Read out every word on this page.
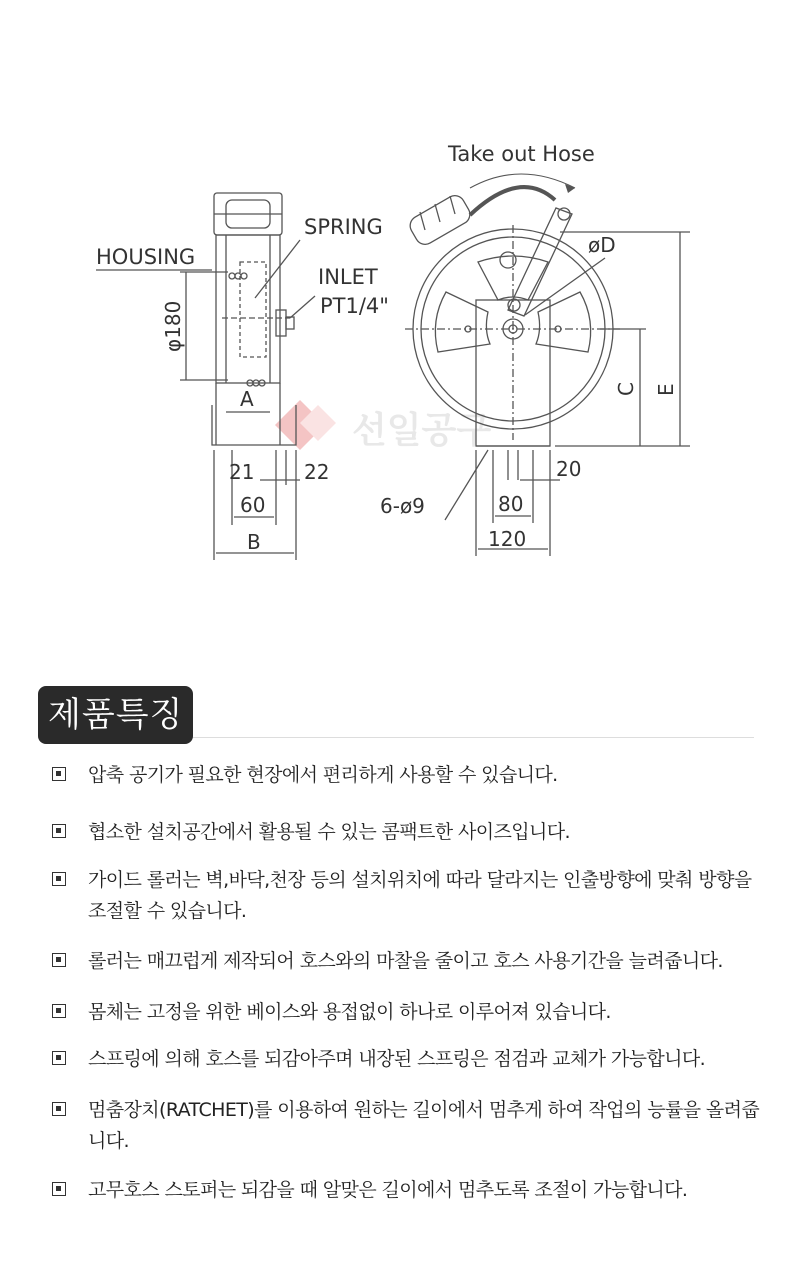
선일공구
Take out Hose
SPRING
HOUSING
INLET
PT1/4"
φ180
A
21 22
60
B
øD
C E
6-ø9
20
80
120
제품특징
압축 공기가 필요한 현장에서 편리하게 사용할 수 있습니다.
협소한 설치공간에서 활용될 수 있는 콤팩트한 사이즈입니다.
가이드 롤러는 벽,바닥,천장 등의 설치위치에 따라 달라지는 인출방향에 맞춰 방향을 조절할 수 있습니다.
롤러는 매끄럽게 제작되어 호스와의 마찰을 줄이고 호스 사용기간을 늘려줍니다.
몸체는 고정을 위한 베이스와 용접없이 하나로 이루어져 있습니다.
스프링에 의해 호스를 되감아주며 내장된 스프링은 점검과 교체가 가능합니다.
멈춤장치(RATCHET)를 이용하여 원하는 길이에서 멈추게 하여 작업의 능률을 올려줍니다.
고무호스 스토퍼는 되감을 때 알맞은 길이에서 멈추도록 조절이 가능합니다.
